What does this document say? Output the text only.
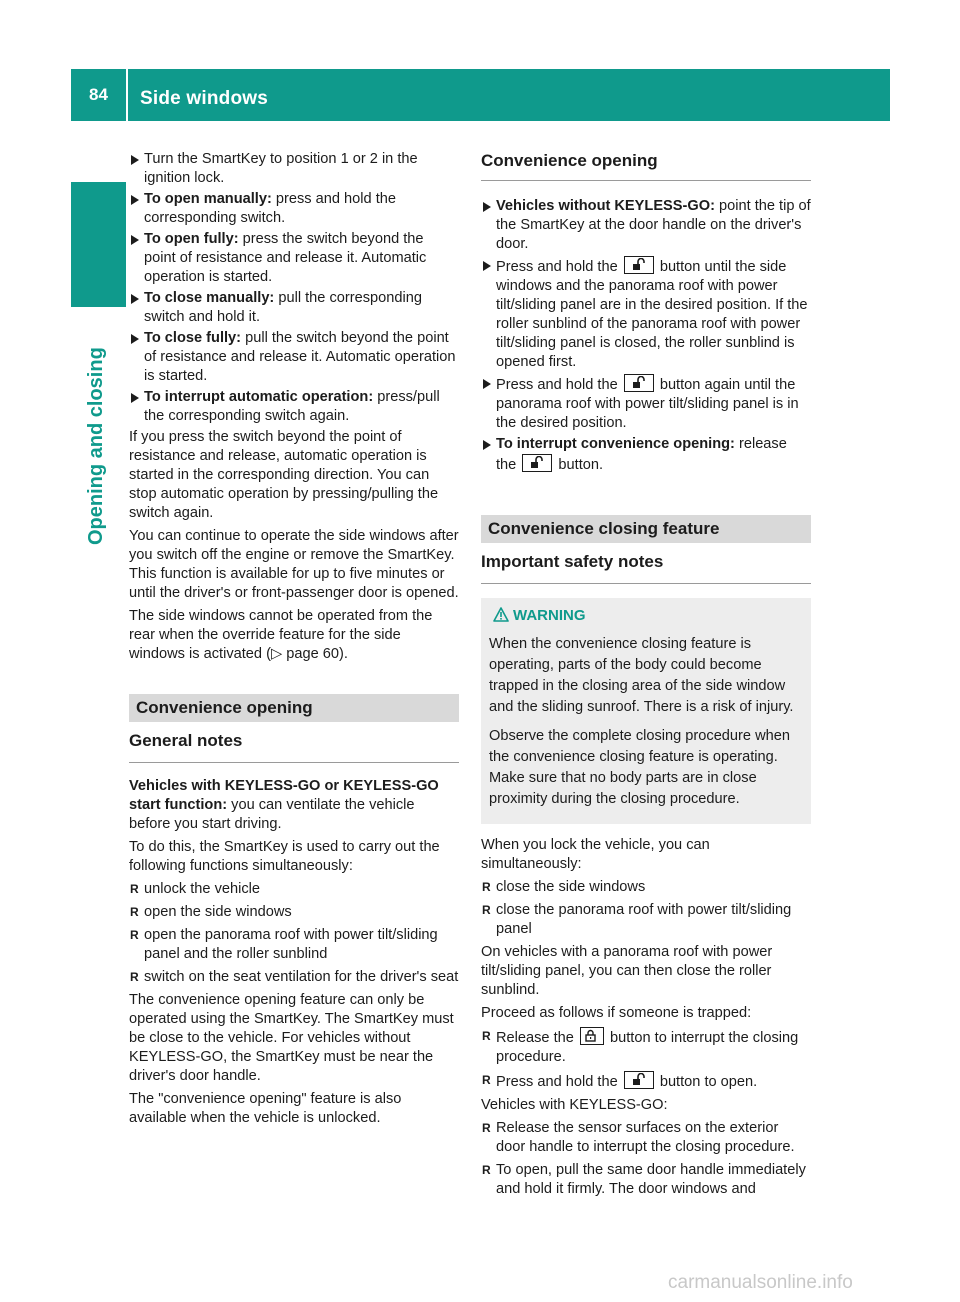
84	Side windows
Opening and closing
Turn the SmartKey to position 1 or 2 in the ignition lock.
To open manually: press and hold the corresponding switch.
To open fully: press the switch beyond the point of resistance and release it. Automatic operation is started.
To close manually: pull the corresponding switch and hold it.
To close fully: pull the switch beyond the point of resistance and release it. Automatic operation is started.
To interrupt automatic operation: press/pull the corresponding switch again.

If you press the switch beyond the point of resistance and release, automatic operation is started in the corresponding direction. You can stop automatic operation by pressing/pulling the switch again.

You can continue to operate the side windows after you switch off the engine or remove the SmartKey. This function is available for up to five minutes or until the driver's or front-passenger door is opened.

The side windows cannot be operated from the rear when the override feature for the side windows is activated (▷ page 60).

Convenience opening
General notes

Vehicles with KEYLESS-GO or KEYLESS-GO start function: you can ventilate the vehicle before you start driving.

To do this, the SmartKey is used to carry out the following functions simultaneously:

R unlock the vehicle
R open the side windows
R open the panorama roof with power tilt/sliding panel and the roller sunblind
R switch on the seat ventilation for the driver's seat

The convenience opening feature can only be operated using the SmartKey. The SmartKey must be close to the vehicle. For vehicles without KEYLESS-GO, the SmartKey must be near the driver's door handle.

The "convenience opening" feature is also available when the vehicle is unlocked.

Convenience opening
Vehicles without KEYLESS-GO: point the tip of the SmartKey at the door handle on the driver's door.
Press and hold the	button until the side windows and the panorama roof with power tilt/sliding panel are in the desired position. If the roller sunblind of the panorama roof with power tilt/sliding panel is closed, the roller sunblind is opened first.
Press and hold the	button again until the panorama roof with power tilt/sliding panel is in the desired position.
To interrupt convenience opening: release the	button.
Convenience closing feature
Important safety notes
WARNING

When the convenience closing feature is operating, parts of the body could become trapped in the closing area of the side window and the sliding sunroof. There is a risk of injury.

Observe the complete closing procedure when the convenience closing feature is operating. Make sure that no body parts are in close proximity during the closing procedure.

When you lock the vehicle, you can simultaneously:

R close the side windows
R close the panorama roof with power tilt/sliding panel

On vehicles with a panorama roof with power tilt/sliding panel, you can then close the roller sunblind.

Proceed as follows if someone is trapped:

R Release the button to interrupt the closing procedure.
R Press and hold the	button to open.

Vehicles with KEYLESS-GO:

R Release the sensor surfaces on the exterior door handle to interrupt the closing procedure.
R To open, pull the same door handle immediately and hold it firmly. The door windows and
carmanualsonline.info
